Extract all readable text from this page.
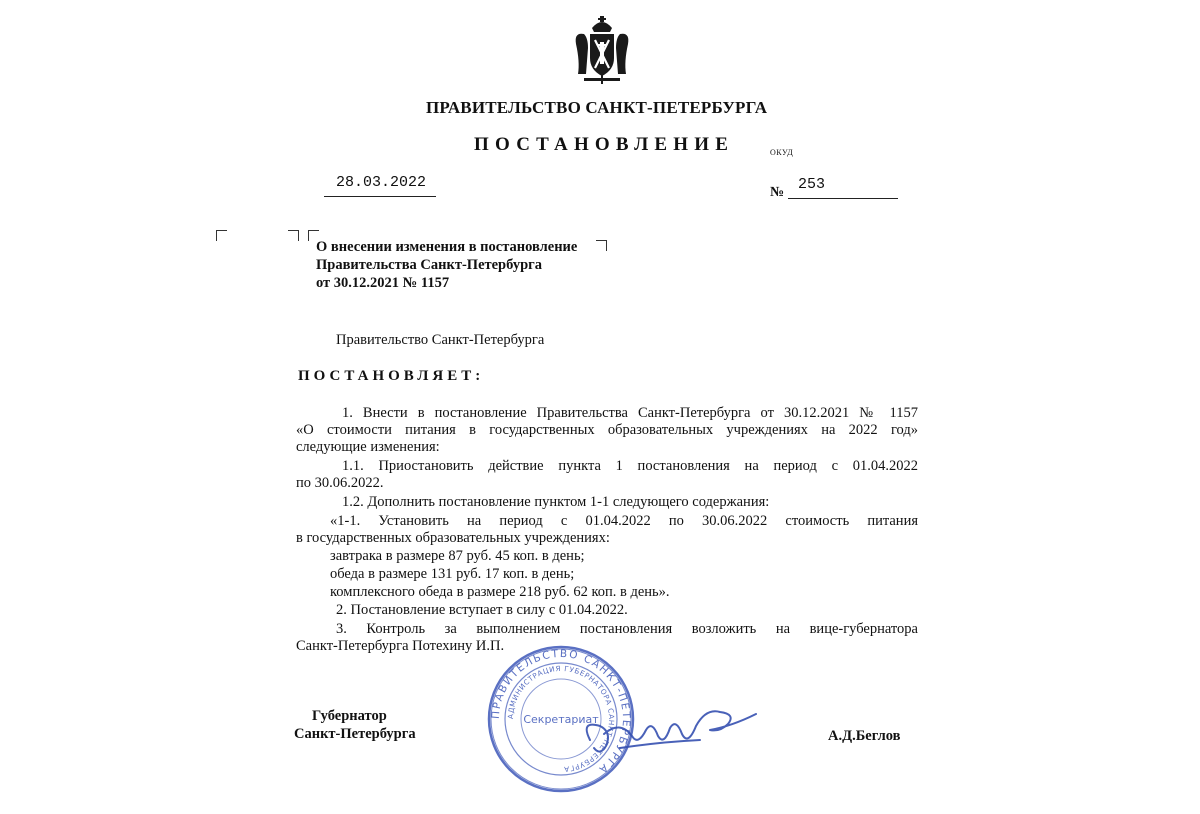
ПРАВИТЕЛЬСТВО САНКТ-ПЕТЕРБУРГА
ПОСТАНОВЛЕНИЕ	ОКУД
28.03.2022
№ 253
О внесении изменения в постановление
Правительства Санкт-Петербурга
от 30.12.2021 № 1157
Правительство Санкт-Петербурга
ПОСТАНОВЛЯЕТ:
1. Внести в постановление Правительства Санкт-Петербурга от 30.12.2021 № 1157
«О стоимости питания в государственных образовательных учреждениях на 2022 год»
следующие изменения:
1.1. Приостановить действие пункта 1 постановления на период с 01.04.2022
по 30.06.2022.
1.2. Дополнить постановление пунктом 1-1 следующего содержания:
«1-1. Установить на период с 01.04.2022 по 30.06.2022 стоимость питания
в государственных образовательных учреждениях:
завтрака в размере 87 руб. 45 коп. в день;
обеда в размере 131 руб. 17 коп. в день;
комплексного обеда в размере 218 руб. 62 коп. в день».
2. Постановление вступает в силу с 01.04.2022.
3. Контроль за выполнением постановления возложить на вице-губернатора
Санкт-Петербурга Потехину И.П.
Губернатор
Санкт-Петербурга	А.Д.Беглов
ПРАВИТЕЛЬСТВО САНКТ-ПЕТЕРБУРГА
АДМИНИСТРАЦИЯ ГУБЕРНАТОРА САНКТ-ПЕТЕРБУРГА
Секретариат
